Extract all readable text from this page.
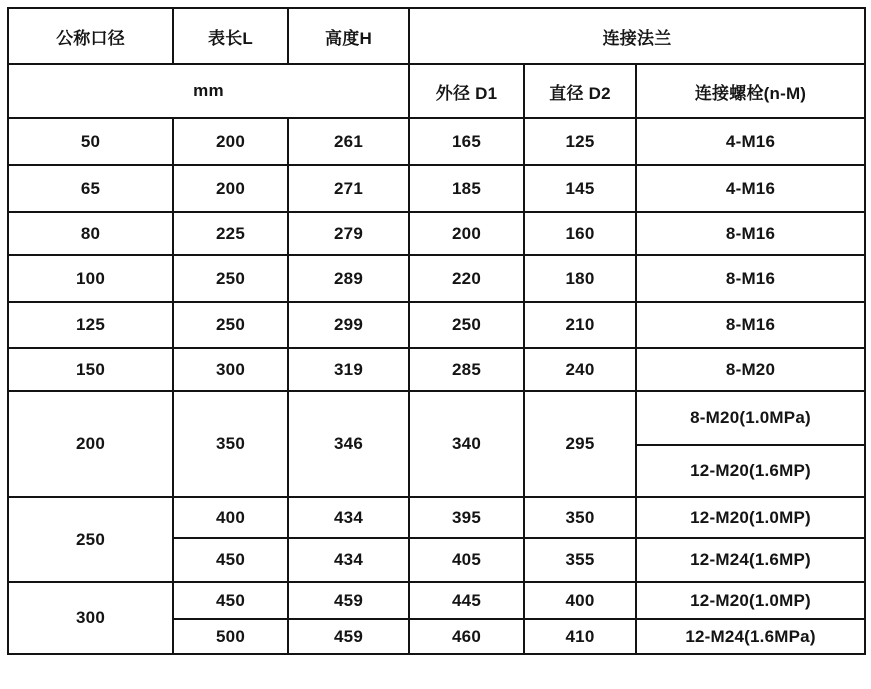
公称口径	表长L	高度H	连接法兰		
mm			外径 D1	直径 D2	连接螺栓(n-M)
50	200	261	165	125	4-M16
65	200	271	185	145	4-M16
80	225	279	200	160	8-M16
100	250	289	220	180	8-M16
125	250	299	250	210	8-M16
150	300	319	285	240	8-M20
200	350	346	340	295	8-M20(1.0MPa)
					12-M20(1.6MP)
250	400	434	395	350	12-M20(1.0MP)
	450	434	405	355	12-M24(1.6MP)
300	450	459	445	400	12-M20(1.0MP)
	500	459	460	410	12-M24(1.6MPa)
